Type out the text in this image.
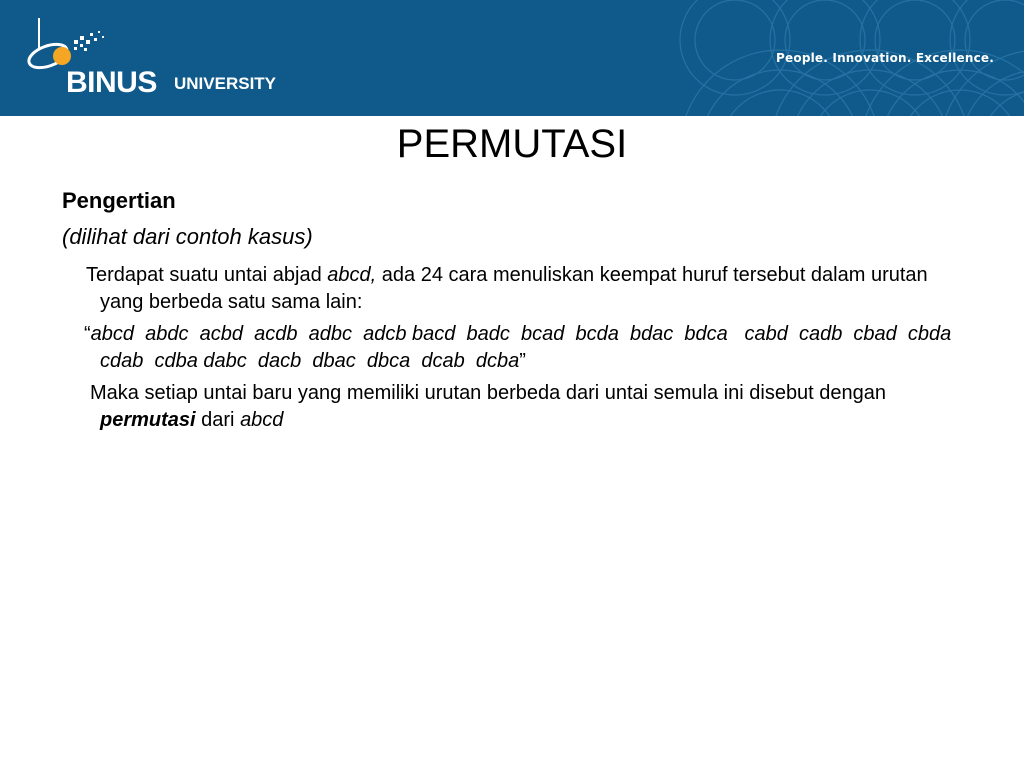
BINUS UNIVERSITY
People. Innovation. Excellence.
PERMUTASI

Pengertian

(dilihat dari contoh kasus)

Terdapat suatu untai abjad abcd, ada 24 cara menuliskan keempat huruf tersebut dalam urutan yang berbeda satu sama lain:

“abcd  abdc  acbd  acdb  adbc  adcb bacd  badc  bcad  bcda  bdac  bdca   cabd  cadb  cbad  cbda  cdab  cdba dabc  dacb  dbac  dbca  dcab  dcba”

Maka setiap untai baru yang memiliki urutan berbeda dari untai semula ini disebut dengan permutasi dari abcd
